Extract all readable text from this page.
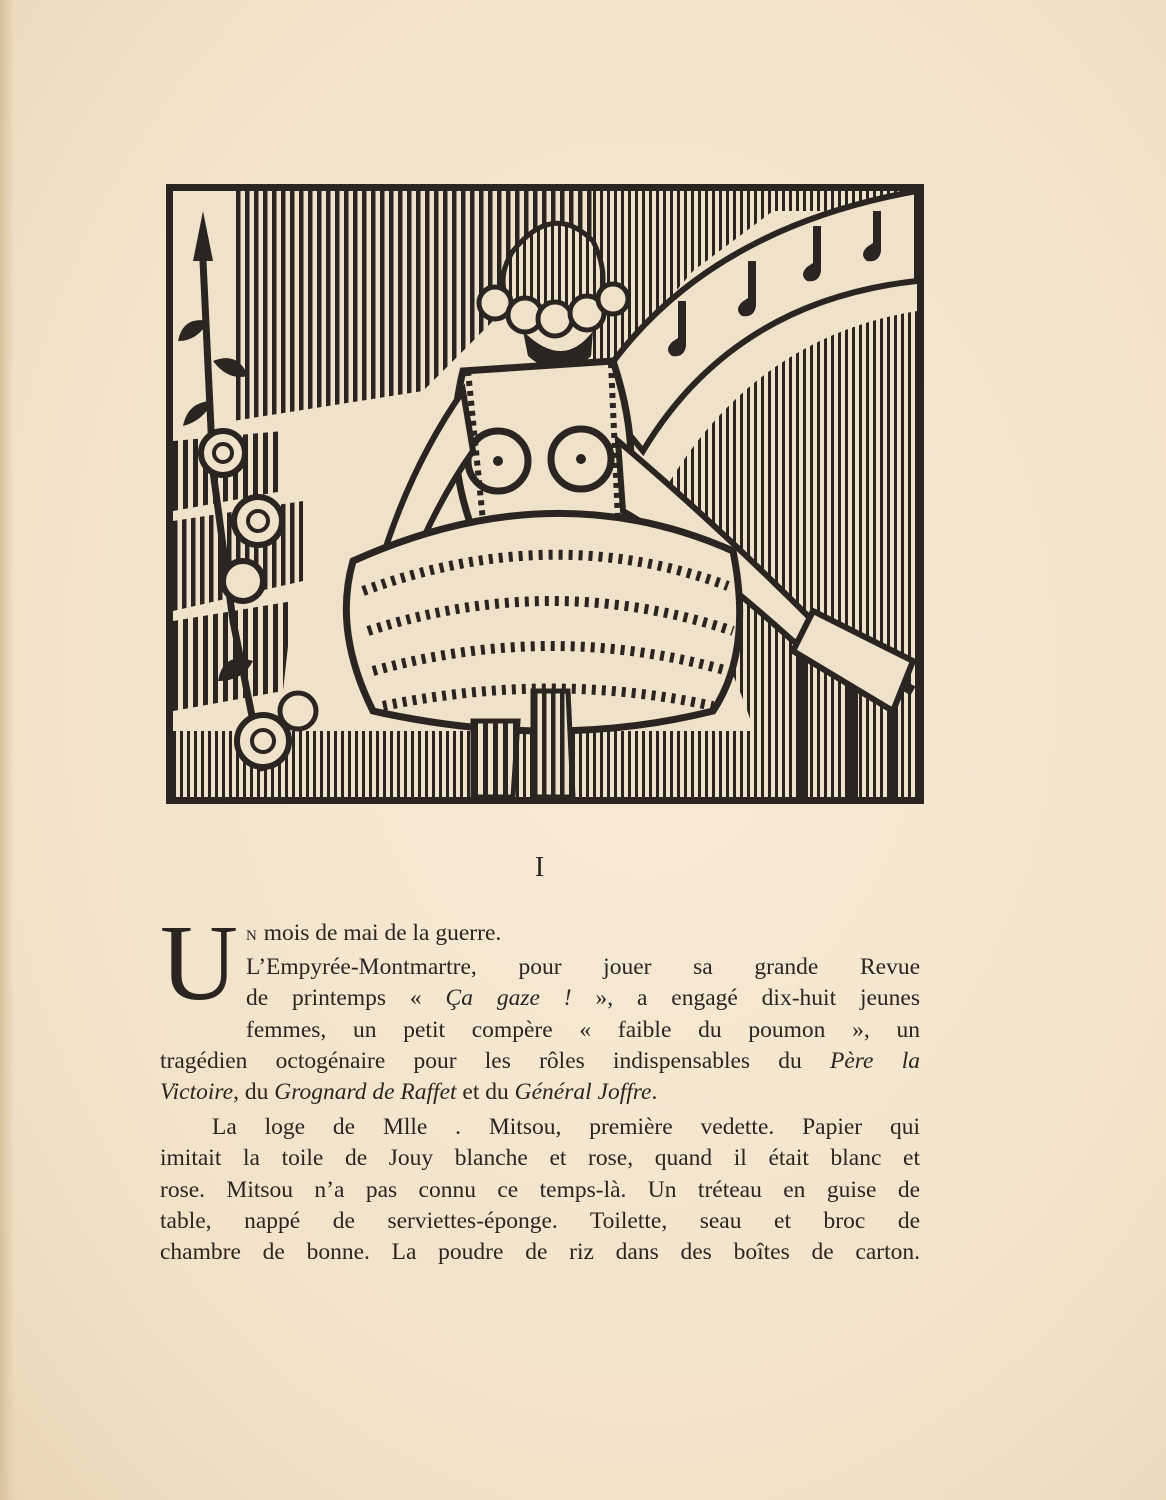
I
U N mois de mai de la guerre.
L’Empyrée-Montmartre, pour jouer sa grande Revue
de printemps « Ça gaze ! », a engagé dix-huit jeunes
femmes, un petit compère « faible du poumon », un
tragédien octogénaire pour les rôles indispensables du Père la
Victoire, du Grognard de Raffet et du Général Joffre.
La loge de Mlle . Mitsou, première vedette. Papier qui
imitait la toile de Jouy blanche et rose, quand il était blanc et
rose. Mitsou n’a pas connu ce temps-là. Un tréteau en guise de
table, nappé de serviettes-éponge. Toilette, seau et broc de
chambre de bonne. La poudre de riz dans des boîtes de carton.
